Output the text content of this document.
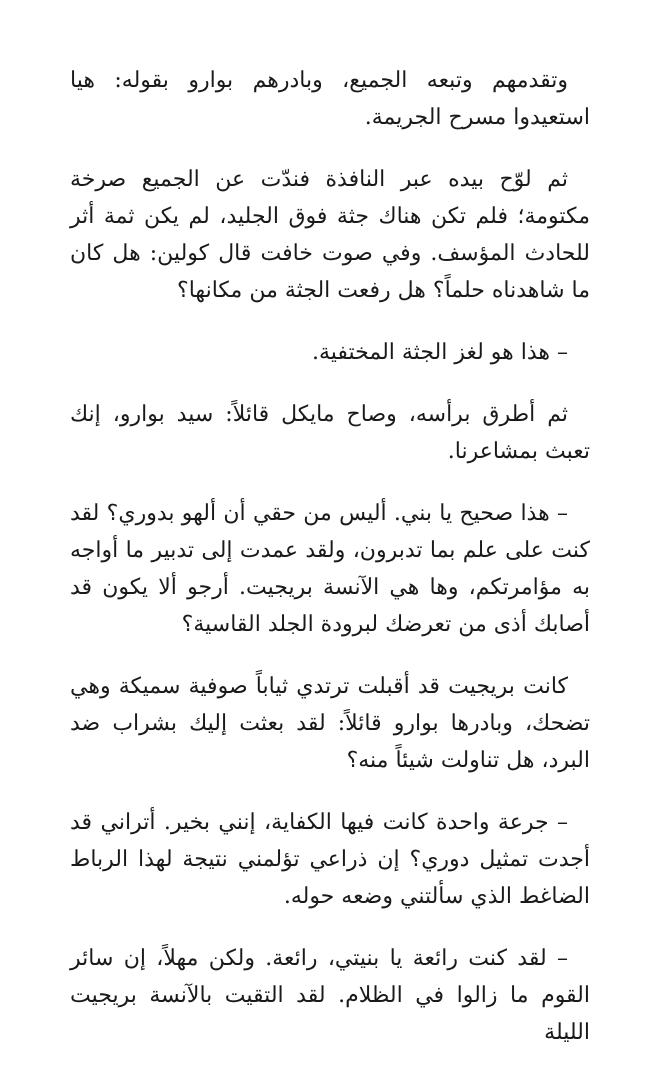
وتقدمهم وتبعه الجميع، وبادرهم بوارو بقوله: هيا استعيدوا مسرح الجريمة.

ثم لوّح بيده عبر النافذة فندّت عن الجميع صرخة مكتومة؛ فلم تكن هناك جثة فوق الجليد، لم يكن ثمة أثر للحادث المؤسف. وفي صوت خافت قال كولين: هل كان ما شاهدناه حلماً؟ هل رفعت الجثة من مكانها؟

– هذا هو لغز الجثة المختفية.

ثم أطرق برأسه، وصاح مايكل قائلاً: سيد بوارو، إنك تعبث بمشاعرنا.

– هذا صحيح يا بني. أليس من حقي أن ألهو بدوري؟ لقد كنت على علم بما تدبرون، ولقد عمدت إلى تدبير ما أواجه به مؤامرتكم، وها هي الآنسة بريجيت. أرجو ألا يكون قد أصابك أذى من تعرضك لبرودة الجلد القاسية؟

كانت بريجيت قد أقبلت ترتدي ثياباً صوفية سميكة وهي تضحك، وبادرها بوارو قائلاً: لقد بعثت إليك بشراب ضد البرد، هل تناولت شيئاً منه؟

– جرعة واحدة كانت فيها الكفاية، إنني بخير. أتراني قد أجدت تمثيل دوري؟ إن ذراعي تؤلمني نتيجة لهذا الرباط الضاغط الذي سألتني وضعه حوله.

– لقد كنت رائعة يا بنيتي، رائعة. ولكن مهلاً، إن سائر القوم ما زالوا في الظلام. لقد التقيت بالآنسة بريجيت الليلة
